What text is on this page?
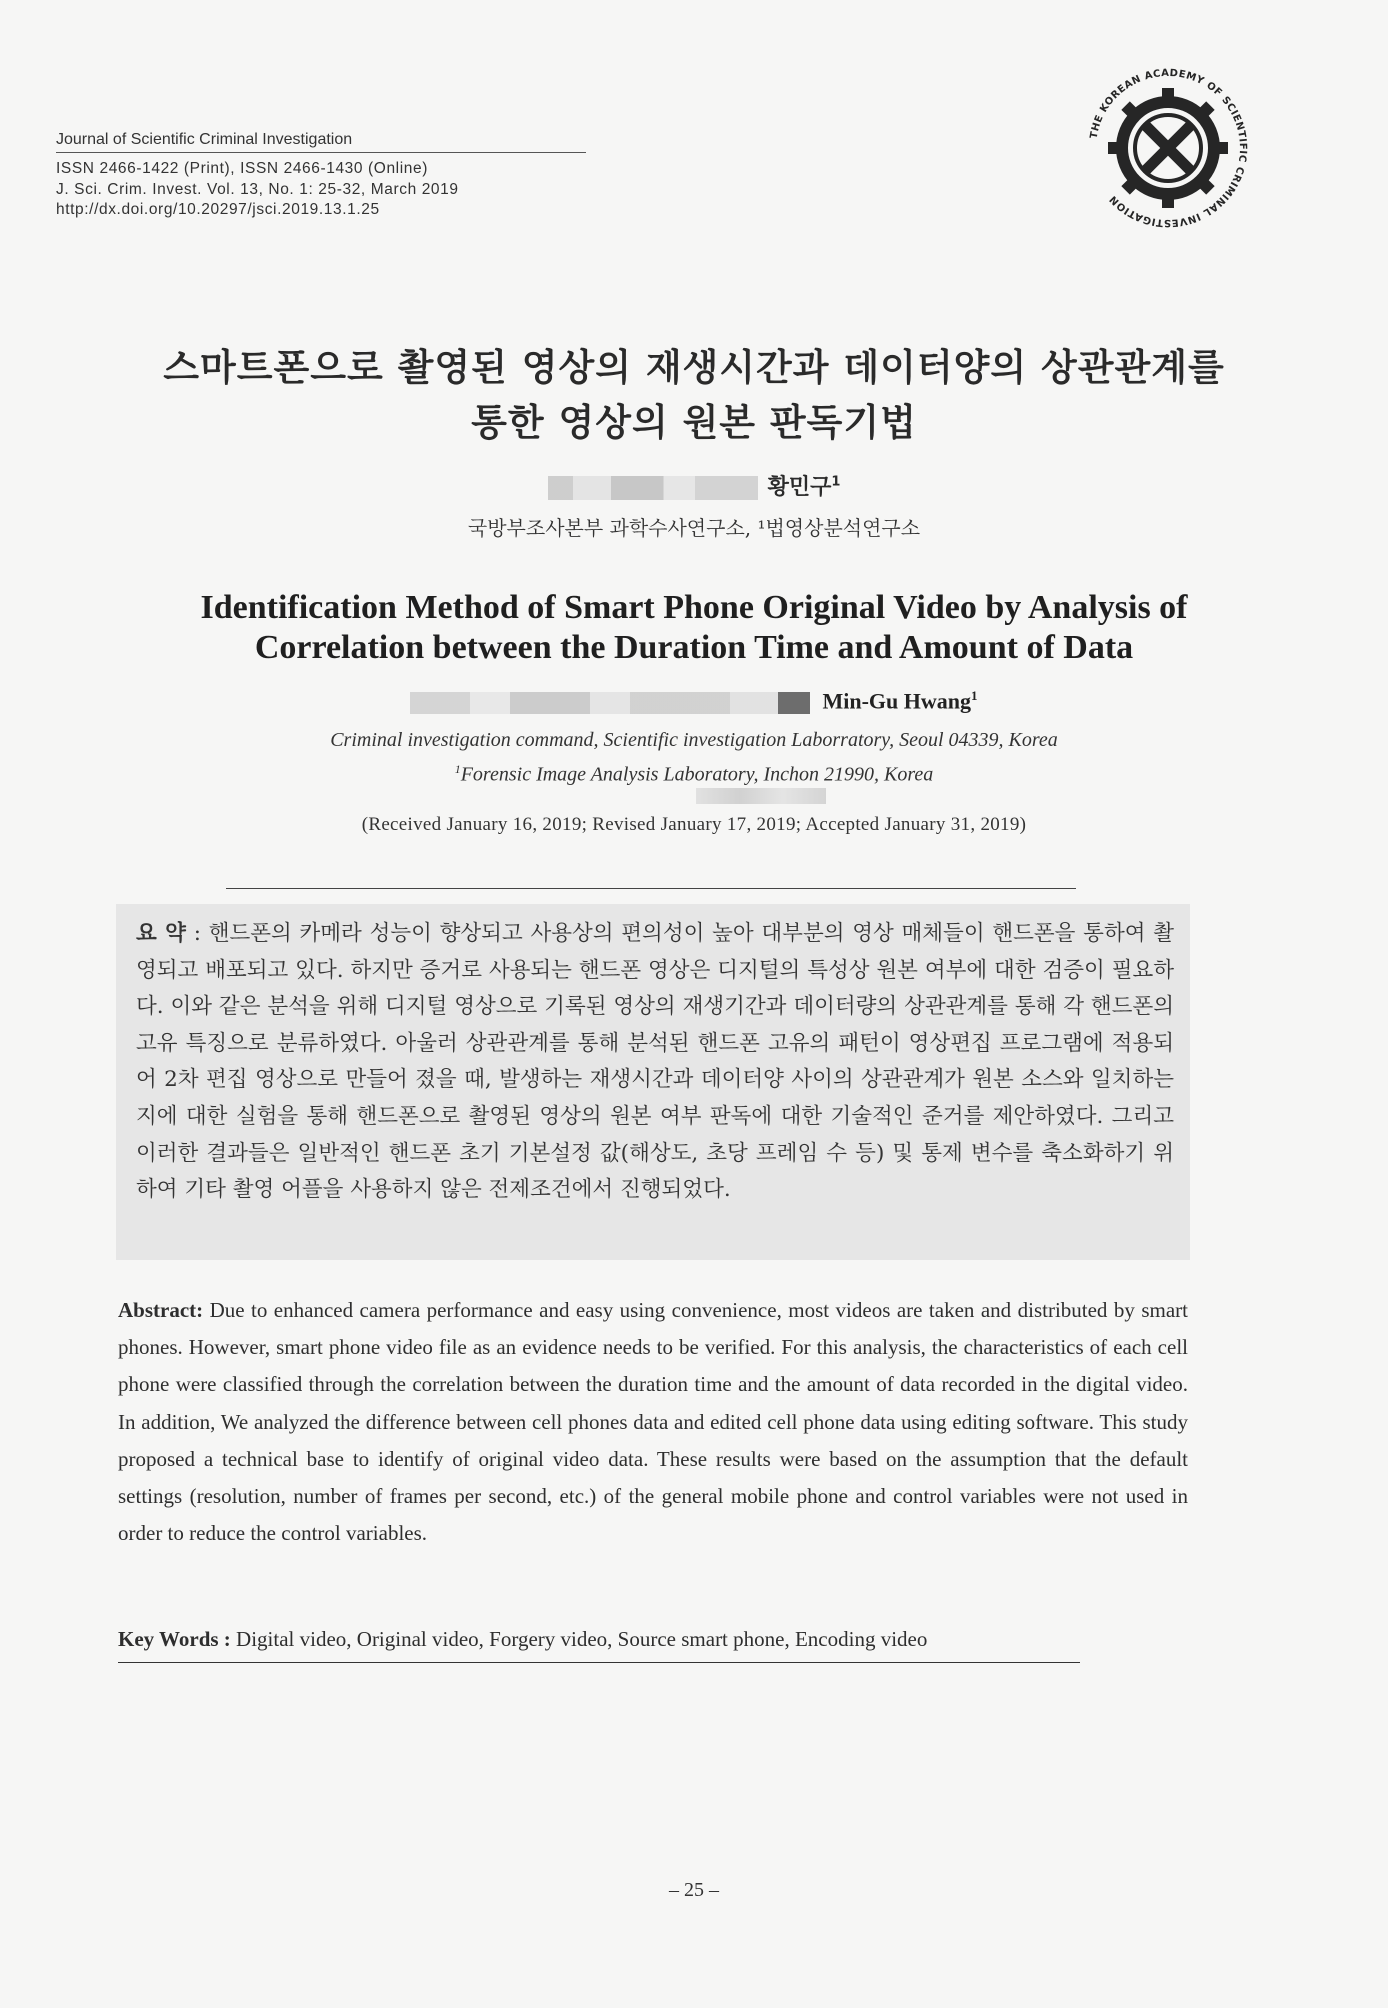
Journal of Scientific Criminal Investigation
ISSN 2466-1422 (Print), ISSN 2466-1430 (Online)
J. Sci. Crim. Invest. Vol. 13, No. 1: 25-32, March 2019
http://dx.doi.org/10.20297/jsci.2019.13.1.25
THE KOREAN ACADEMY OF SCIENTIFIC CRIMINAL INVESTIGATION
스마트폰으로 촬영된 영상의 재생시간과 데이터양의 상관관계를
통한 영상의 원본 판독기법
황민구$^1$
국방부조사본부 과학수사연구소, ¹법영상분석연구소
Identification Method of Smart Phone Original Video by Analysis of
Correlation between the Duration Time and Amount of Data
Min-Gu Hwang$^1$
Criminal investigation command, Scientific investigation Laborratory, Seoul 04339, Korea
$^1$Forensic Image Analysis Laboratory, Inchon 21990, Korea
(Received January 16, 2019; Revised January 17, 2019; Accepted January 31, 2019)
요 약 : 핸드폰의 카메라 성능이 향상되고 사용상의 편의성이 높아 대부분의 영상 매체들이 핸드폰을 통하여 촬영되고 배포되고 있다. 하지만 증거로 사용되는 핸드폰 영상은 디지털의 특성상 원본 여부에 대한 검증이 필요하다. 이와 같은 분석을 위해 디지털 영상으로 기록된 영상의 재생기간과 데이터량의 상관관계를 통해 각 핸드폰의 고유 특징으로 분류하였다. 아울러 상관관계를 통해 분석된 핸드폰 고유의 패턴이 영상편집 프로그램에 적용되어 2차 편집 영상으로 만들어 졌을 때, 발생하는 재생시간과 데이터양 사이의 상관관계가 원본 소스와 일치하는지에 대한 실험을 통해 핸드폰으로 촬영된 영상의 원본 여부 판독에 대한 기술적인 준거를 제안하였다. 그리고 이러한 결과들은 일반적인 핸드폰 초기 기본설정 값(해상도, 초당 프레임 수 등) 및 통제 변수를 축소화하기 위하여 기타 촬영 어플을 사용하지 않은 전제조건에서 진행되었다.
Abstract: Due to enhanced camera performance and easy using convenience, most videos are taken and distributed by smart phones. However, smart phone video file as an evidence needs to be verified. For this analysis, the characteristics of each cell phone were classified through the correlation between the duration time and the amount of data recorded in the digital video. In addition, We analyzed the difference between cell phones data and edited cell phone data using editing software. This study proposed a technical base to identify of original video data. These results were based on the assumption that the default settings (resolution, number of frames per second, etc.) of the general mobile phone and control variables were not used in order to reduce the control variables.
Key Words : Digital video, Original video, Forgery video, Source smart phone, Encoding video
– 25 –
